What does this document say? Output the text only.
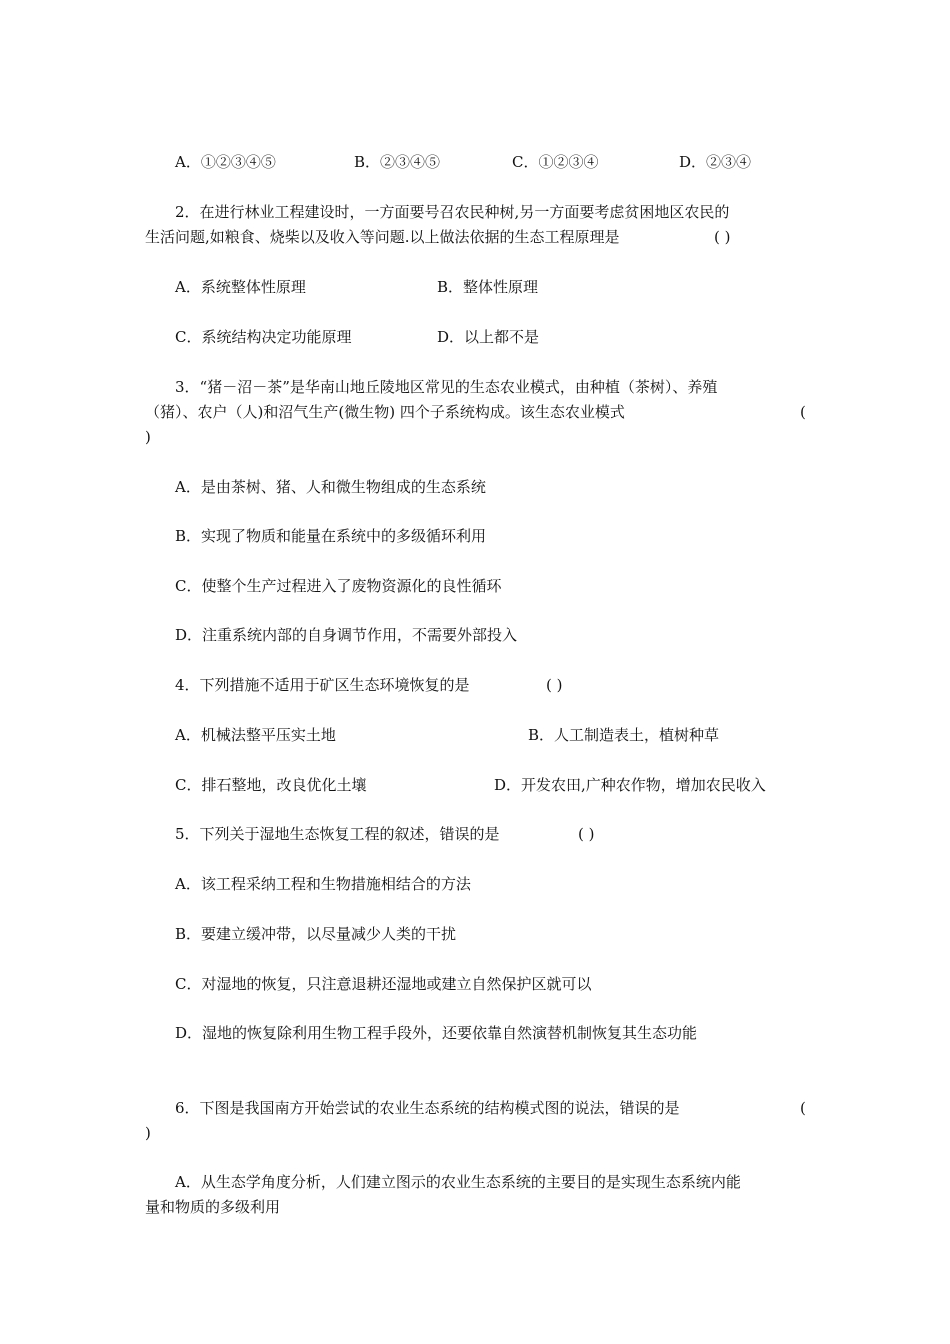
A．①②③④⑤	B．②③④⑤	C．①②③④	D．②③④
2．在进行林业工程建设时，一方面要号召农民种树,另一方面要考虑贫困地区农民的
生活问题,如粮食、烧柴以及收入等问题.以上做法依据的生态工程原理是	( )
A．系统整体性原理	B．整体性原理
C．系统结构决定功能原理	D．以上都不是
3．“猪－沼－茶”是华南山地丘陵地区常见的生态农业模式，由种植（茶树）、养殖
（猪）、农户（人)和沼气生产(微生物) 四个子系统构成。该生态农业模式	(
)
A．是由茶树、猪、人和微生物组成的生态系统
B．实现了物质和能量在系统中的多级循环利用
C．使整个生产过程进入了废物资源化的良性循环
D．注重系统内部的自身调节作用，不需要外部投入
4．下列措施不适用于矿区生态环境恢复的是	( )
A．机械法整平压实土地	B．人工制造表土，植树种草
C．排石整地，改良优化土壤	D．开发农田,广种农作物，增加农民收入
5．下列关于湿地生态恢复工程的叙述，错误的是	( )
A．该工程采纳工程和生物措施相结合的方法
B．要建立缓冲带，以尽量减少人类的干扰
C．对湿地的恢复，只注意退耕还湿地或建立自然保护区就可以
D．湿地的恢复除利用生物工程手段外，还要依靠自然演替机制恢复其生态功能
6．下图是我国南方开始尝试的农业生态系统的结构模式图的说法，错误的是	(
)
A．从生态学角度分析，人们建立图示的农业生态系统的主要目的是实现生态系统内能
量和物质的多级利用
